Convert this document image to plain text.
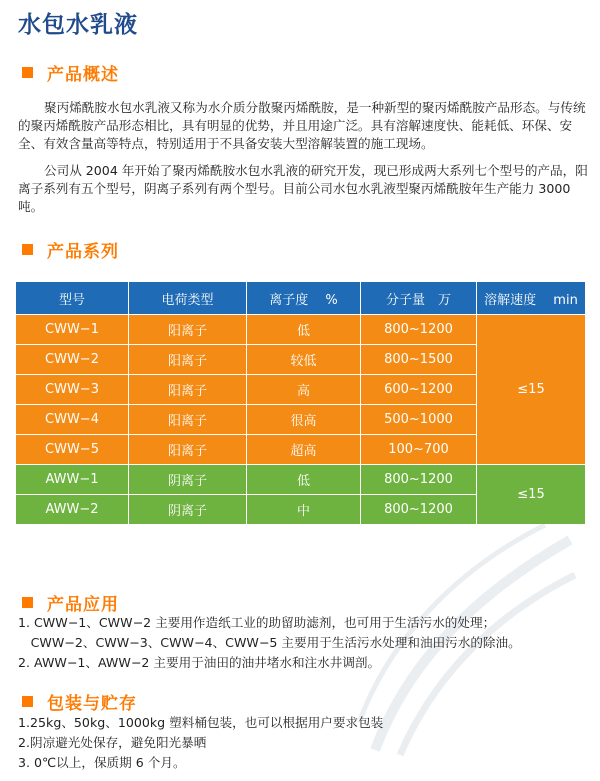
水包水乳液
产品概述

聚丙烯酰胺水包水乳液又称为水介质分散聚丙烯酰胺，是一种新型的聚丙烯酰胺产品形态。与传统的聚丙烯酰胺产品形态相比，具有明显的优势，并且用途广泛。具有溶解速度快、能耗低、环保、安全、有效含量高等特点，特别适用于不具备安装大型溶解装置的施工现场。

公司从 2004 年开始了聚丙烯酰胺水包水乳液的研究开发，现已形成两大系列七个型号的产品，阳离子系列有五个型号，阴离子系列有两个型号。目前公司水包水乳液型聚丙烯酰胺年生产能力 3000 吨。

产品系列
型号	电荷类型	离子度　 %	分子量　万	溶解速度　 min
CWW−1	阳离子	低	800~1200	≤15
CWW−2	阳离子	较低	800~1500	
CWW−3	阳离子	高	600~1200	
CWW−4	阳离子	很高	500~1000	
CWW−5	阳离子	超高	100~700	
AWW−1	阴离子	低	800~1200	≤15
AWW−2	阴离子	中	800~1200	
产品应用
1. CWW−1、CWW−2 主要用作造纸工业的助留助滤剂，也可用于生活污水的处理；
　CWW−2、CWW−3、CWW−4、CWW−5 主要用于生活污水处理和油田污水的除油。
2. AWW−1、AWW−2 主要用于油田的油井堵水和注水井调剖。
包装与贮存
1.25kg、50kg、1000kg 塑料桶包装，也可以根据用户要求包装
2.阴凉避光处保存，避免阳光暴晒
3. 0℃以上，保质期 6 个月。
